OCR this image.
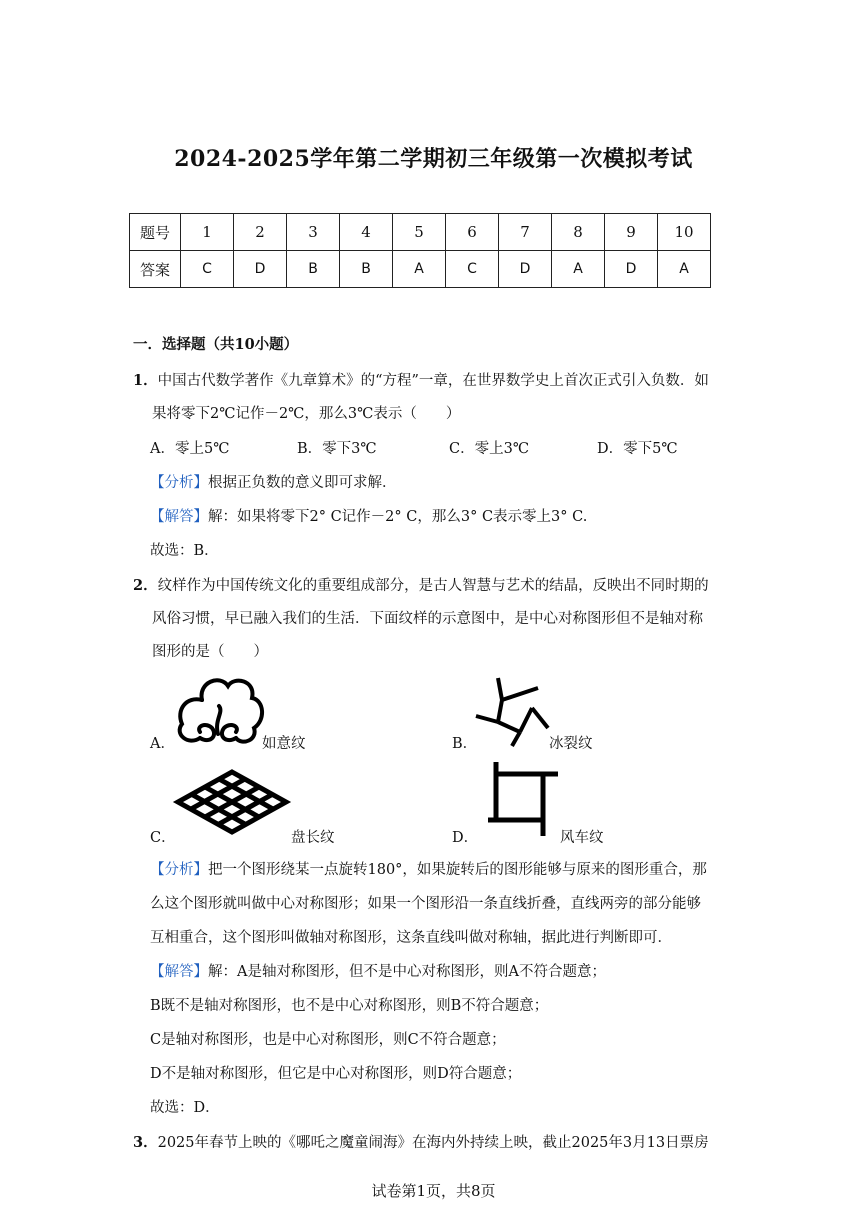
2024-2025学年第二学期初三年级第一次模拟考试
题号	1	2	3	4	5	6	7	8	9	10
答案	C	D	B	B	A	C	D	A	D	A
一．选择题（共10小题）
1．中国古代数学著作《九章算术》的“方程”一章，在世界数学史上首次正式引入负数．如
果将零下2℃记作－2℃，那么3℃表示（　　）
A．零上5℃	B．零下3℃	C．零上3℃	D．零下5℃
【分析】根据正负数的意义即可求解．
【解答】解：如果将零下2° C记作－2° C，那么3° C表示零上3° C.
故选：B．
2．纹样作为中国传统文化的重要组成部分，是古人智慧与艺术的结晶，反映出不同时期的
风俗习惯，早已融入我们的生活．下面纹样的示意图中，是中心对称图形但不是轴对称
图形的是（　　）
A．	如意纹	B．	冰裂纹
C．	盘长纹	D．	风车纹
【分析】把一个图形绕某一点旋转180°，如果旋转后的图形能够与原来的图形重合，那
么这个图形就叫做中心对称图形；如果一个图形沿一条直线折叠，直线两旁的部分能够
互相重合，这个图形叫做轴对称图形，这条直线叫做对称轴，据此进行判断即可．
【解答】解：A是轴对称图形，但不是中心对称图形，则A不符合题意；
B既不是轴对称图形，也不是中心对称图形，则B不符合题意；
C是轴对称图形，也是中心对称图形，则C不符合题意；
D不是轴对称图形，但它是中心对称图形，则D符合题意；
故选：D．
3．2025年春节上映的《哪吒之魔童闹海》在海内外持续上映，截止2025年3月13日票房
试卷第1页，共8页
